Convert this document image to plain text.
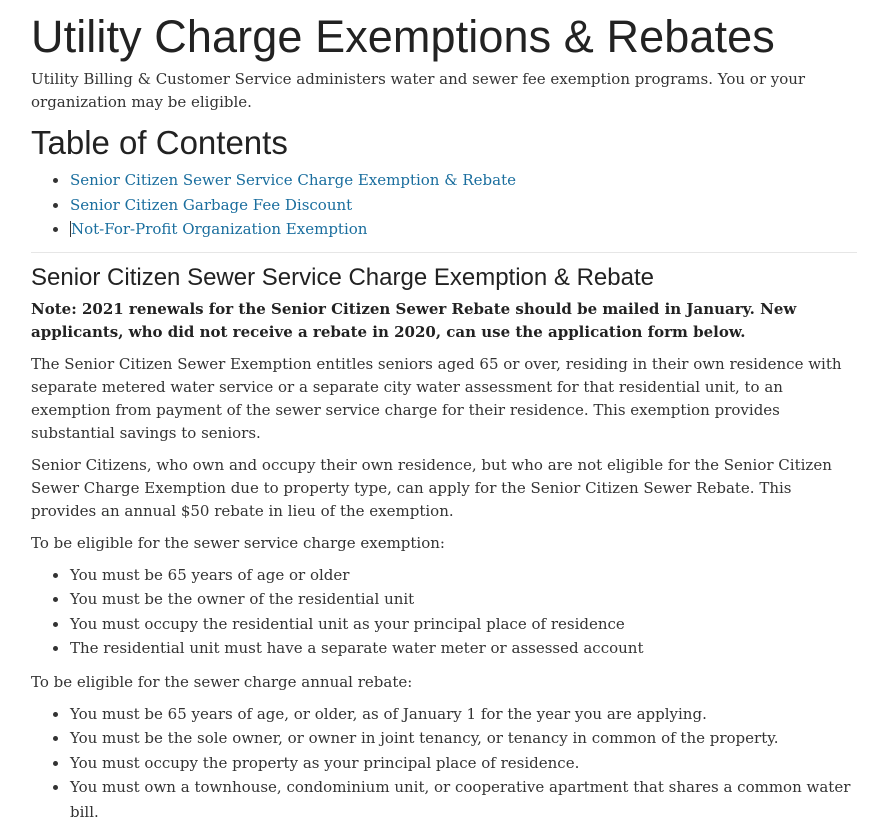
Utility Charge Exemptions & Rebates

Utility Billing & Customer Service administers water and sewer fee exemption programs. You or your organization may be eligible.

Table of Contents
Senior Citizen Sewer Service Charge Exemption & Rebate
Senior Citizen Garbage Fee Discount
Not-For-Profit Organization Exemption
Senior Citizen Sewer Service Charge Exemption & Rebate

Note: 2021 renewals for the Senior Citizen Sewer Rebate should be mailed in January. New applicants, who did not receive a rebate in 2020, can use the application form below.

The Senior Citizen Sewer Exemption entitles seniors aged 65 or over, residing in their own residence with separate metered water service or a separate city water assessment for that residential unit, to an exemption from payment of the sewer service charge for their residence. This exemption provides substantial savings to seniors.

Senior Citizens, who own and occupy their own residence, but who are not eligible for the Senior Citizen Sewer Charge Exemption due to property type, can apply for the Senior Citizen Sewer Rebate. This provides an annual $50 rebate in lieu of the exemption.

To be eligible for the sewer service charge exemption:

You must be 65 years of age or older
You must be the owner of the residential unit
You must occupy the residential unit as your principal place of residence
The residential unit must have a separate water meter or assessed account

To be eligible for the sewer charge annual rebate:

You must be 65 years of age, or older, as of January 1 for the year you are applying.
You must be the sole owner, or owner in joint tenancy, or tenancy in common of the property.
You must occupy the property as your principal place of residence.
You must own a townhouse, condominium unit, or cooperative apartment that shares a common water bill.
